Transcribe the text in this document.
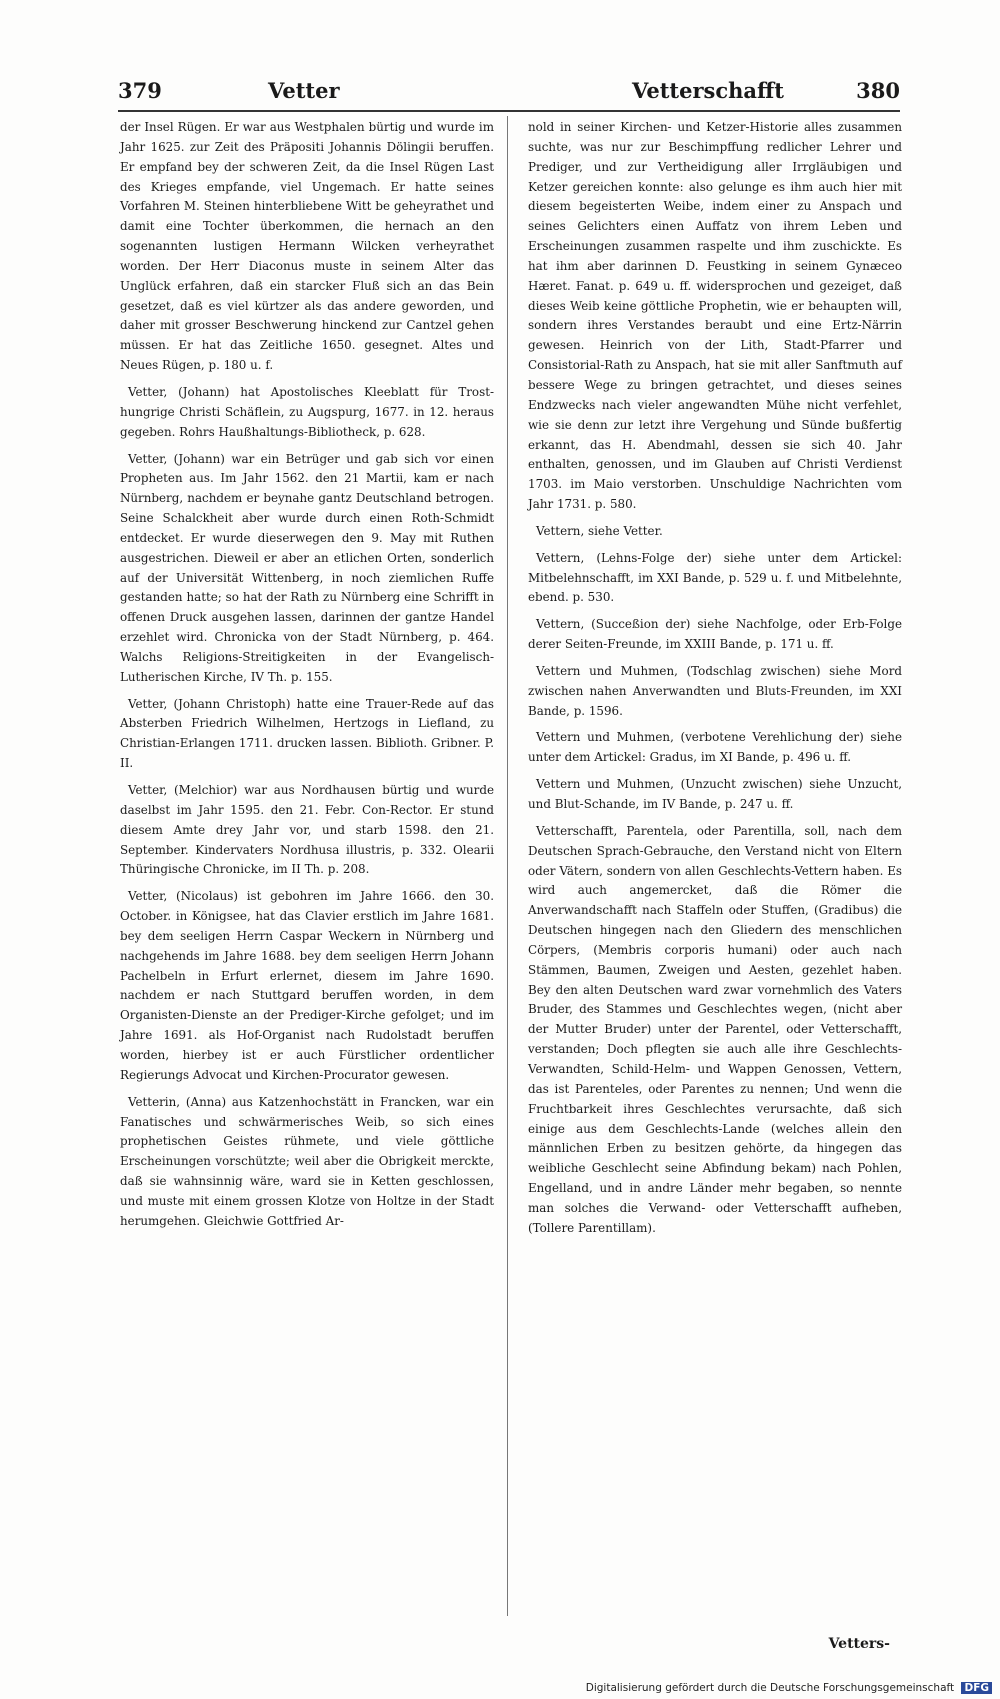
379	Vetter	Vetterschafft	380

der Insel Rügen. Er war aus Westphalen bürtig und wurde im Jahr 1625. zur Zeit des Präpositi Johannis Dölingii beruffen. Er empfand bey der schweren Zeit, da die Insel Rügen Last des Krieges empfande, viel Ungemach. Er hatte seines Vorfahren M. Steinen hinterbliebene Witt be geheyrathet und damit eine Tochter überkommen, die hernach an den sogenannten lustigen Hermann Wilcken verheyrathet worden. Der Herr Diaconus muste in seinem Alter das Unglück erfahren, daß ein starcker Fluß sich an das Bein gesetzet, daß es viel kürtzer als das andere geworden, und daher mit grosser Beschwerung hinckend zur Cantzel gehen müssen. Er hat das Zeitliche 1650. gesegnet. Altes und Neues Rügen, p. 180 u. f.

Vetter, (Johann) hat Apostolisches Kleeblatt für Trost-hungrige Christi Schäflein, zu Augspurg, 1677. in 12. heraus gegeben. Rohrs Haußhaltungs-Bibliotheck, p. 628.

Vetter, (Johann) war ein Betrüger und gab sich vor einen Propheten aus. Im Jahr 1562. den 21 Martii, kam er nach Nürnberg, nachdem er beynahe gantz Deutschland betrogen. Seine Schalckheit aber wurde durch einen Roth-Schmidt entdecket. Er wurde dieserwegen den 9. May mit Ruthen ausgestrichen. Dieweil er aber an etlichen Orten, sonderlich auf der Universität Wittenberg, in noch ziemlichen Ruffe gestanden hatte; so hat der Rath zu Nürnberg eine Schrifft in offenen Druck ausgehen lassen, darinnen der gantze Handel erzehlet wird. Chronicka von der Stadt Nürnberg, p. 464. Walchs Religions-Streitigkeiten in der Evangelisch-Lutherischen Kirche, IV Th. p. 155.

Vetter, (Johann Christoph) hatte eine Trauer-Rede auf das Absterben Friedrich Wilhelmen, Hertzogs in Liefland, zu Christian-Erlangen 1711. drucken lassen. Biblioth. Gribner. P. II.

Vetter, (Melchior) war aus Nordhausen bürtig und wurde daselbst im Jahr 1595. den 21. Febr. Con-Rector. Er stund diesem Amte drey Jahr vor, und starb 1598. den 21. September. Kindervaters Nordhusa illustris, p. 332. Olearii Thüringische Chronicke, im II Th. p. 208.

Vetter, (Nicolaus) ist gebohren im Jahre 1666. den 30. October. in Königsee, hat das Clavier erstlich im Jahre 1681. bey dem seeligen Herrn Caspar Weckern in Nürnberg und nachgehends im Jahre 1688. bey dem seeligen Herrn Johann Pachelbeln in Erfurt erlernet, diesem im Jahre 1690. nachdem er nach Stuttgard beruffen worden, in dem Organisten-Dienste an der Prediger-Kirche gefolget; und im Jahre 1691. als Hof-Organist nach Rudolstadt beruffen worden, hierbey ist er auch Fürstlicher ordentlicher Regierungs Advocat und Kirchen-Procurator gewesen.

Vetterin, (Anna) aus Katzenhochstätt in Francken, war ein Fanatisches und schwärmerisches Weib, so sich eines prophetischen Geistes rühmete, und viele göttliche Erscheinungen vorschützte; weil aber die Obrigkeit merckte, daß sie wahnsinnig wäre, ward sie in Ketten geschlossen, und muste mit einem grossen Klotze von Holtze in der Stadt herumgehen. Gleichwie Gottfried Ar-

nold in seiner Kirchen- und Ketzer-Historie alles zusammen suchte, was nur zur Beschimpffung redlicher Lehrer und Prediger, und zur Vertheidigung aller Irrgläubigen und Ketzer gereichen konnte: also gelunge es ihm auch hier mit diesem begeisterten Weibe, indem einer zu Anspach und seines Gelichters einen Auffatz von ihrem Leben und Erscheinungen zusammen raspelte und ihm zuschickte. Es hat ihm aber darinnen D. Feustking in seinem Gynæceo Hæret. Fanat. p. 649 u. ff. widersprochen und gezeiget, daß dieses Weib keine göttliche Prophetin, wie er behaupten will, sondern ihres Verstandes beraubt und eine Ertz-Närrin gewesen. Heinrich von der Lith, Stadt-Pfarrer und Consistorial-Rath zu Anspach, hat sie mit aller Sanftmuth auf bessere Wege zu bringen getrachtet, und dieses seines Endzwecks nach vieler angewandten Mühe nicht verfehlet, wie sie denn zur letzt ihre Vergehung und Sünde bußfertig erkannt, das H. Abendmahl, dessen sie sich 40. Jahr enthalten, genossen, und im Glauben auf Christi Verdienst 1703. im Maio verstorben. Unschuldige Nachrichten vom Jahr 1731. p. 580.

Vettern, siehe Vetter.

Vettern, (Lehns-Folge der) siehe unter dem Artickel: Mitbelehnschafft, im XXI Bande, p. 529 u. f. und Mitbelehnte, ebend. p. 530.

Vettern, (Succeßion der) siehe Nachfolge, oder Erb-Folge derer Seiten-Freunde, im XXIII Bande, p. 171 u. ff.

Vettern und Muhmen, (Todschlag zwischen) siehe Mord zwischen nahen Anverwandten und Bluts-Freunden, im XXI Bande, p. 1596.

Vettern und Muhmen, (verbotene Verehlichung der) siehe unter dem Artickel: Gradus, im XI Bande, p. 496 u. ff.

Vettern und Muhmen, (Unzucht zwischen) siehe Unzucht, und Blut-Schande, im IV Bande, p. 247 u. ff.

Vetterschafft, Parentela, oder Parentilla, soll, nach dem Deutschen Sprach-Gebrauche, den Verstand nicht von Eltern oder Vätern, sondern von allen Geschlechts-Vettern haben. Es wird auch angemercket, daß die Römer die Anverwandschafft nach Staffeln oder Stuffen, (Gradibus) die Deutschen hingegen nach den Gliedern des menschlichen Cörpers, (Membris corporis humani) oder auch nach Stämmen, Baumen, Zweigen und Aesten, gezehlet haben. Bey den alten Deutschen ward zwar vornehmlich des Vaters Bruder, des Stammes und Geschlechtes wegen, (nicht aber der Mutter Bruder) unter der Parentel, oder Vetterschafft, verstanden; Doch pflegten sie auch alle ihre Geschlechts-Verwandten, Schild-Helm- und Wappen Genossen, Vettern, das ist Parenteles, oder Parentes zu nennen; Und wenn die Fruchtbarkeit ihres Geschlechtes verursachte, daß sich einige aus dem Geschlechts-Lande (welches allein den männlichen Erben zu besitzen gehörte, da hingegen das weibliche Geschlecht seine Abfindung bekam) nach Pohlen, Engelland, und in andre Länder mehr begaben, so nennte man solches die Verwand- oder Vetterschafft aufheben, (Tollere Parentillam).

Vetters-
Digitalisierung gefördert durch die Deutsche Forschungsgemeinschaft DFG
